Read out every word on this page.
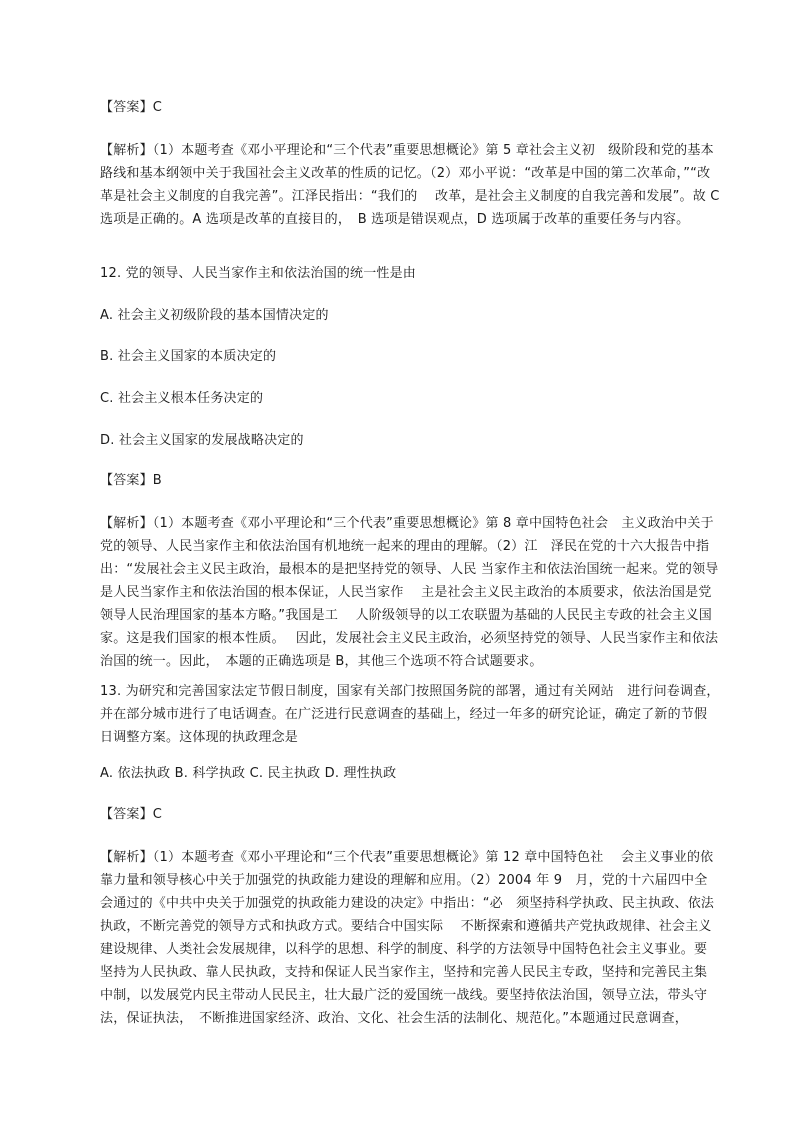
【答案】C
【解析】（1）本题考查《邓小平理论和“三个代表”重要思想概论》第 5 章社会主义初　级阶段和党的基本路线和基本纲领中关于我国社会主义改革的性质的记忆。（2）邓小平说：“改革是中国的第二次革命，”“改革是社会主义制度的自我完善”。江泽民指出：“我们的　 改革，是社会主义制度的自我完善和发展”。故 C 选项是正确的。A 选项是改革的直接目的，　B 选项是错误观点，D 选项属于改革的重要任务与内容。
12. 党的领导、人民当家作主和依法治国的统一性是由
A. 社会主义初级阶段的基本国情决定的
B. 社会主义国家的本质决定的
C. 社会主义根本任务决定的
D. 社会主义国家的发展战略决定的
【答案】B
【解析】（1）本题考查《邓小平理论和“三个代表”重要思想概论》第 8 章中国特色社会　主义政治中关于党的领导、人民当家作主和依法治国有机地统一起来的理由的理解。（2）江　泽民在党的十六大报告中指出：“发展社会主义民主政治，最根本的是把坚持党的领导、人民 当家作主和依法治国统一起来。党的领导是人民当家作主和依法治国的根本保证，人民当家作　 主是社会主义民主政治的本质要求，依法治国是党领导人民治理国家的基本方略。”我国是工　 人阶级领导的以工农联盟为基础的人民民主专政的社会主义国家。这是我们国家的根本性质。　 因此，发展社会主义民主政治，必须坚持党的领导、人民当家作主和依法治国的统一。因此，　本题的正确选项是 B，其他三个选项不符合试题要求。
13. 为研究和完善国家法定节假日制度，国家有关部门按照国务院的部署，通过有关网站　进行问卷调查，并在部分城市进行了电话调查。在广泛进行民意调查的基础上，经过一年多的研究论证，确定了新的节假日调整方案。这体现的执政理念是
A. 依法执政 B. 科学执政 C. 民主执政 D. 理性执政
【答案】C
【解析】（1）本题考查《邓小平理论和“三个代表”重要思想概论》第 12 章中国特色社　 会主义事业的依靠力量和领导核心中关于加强党的执政能力建设的理解和应用。（2）2004 年 9　月，党的十六届四中全会通过的《中共中央关于加强党的执政能力建设的决定》中指出：“必　须坚持科学执政、民主执政、依法执政，不断完善党的领导方式和执政方式。要结合中国实际　 不断探索和遵循共产党执政规律、社会主义建设规律、人类社会发展规律，以科学的思想、科学的制度、科学的方法领导中国特色社会主义事业。要坚持为人民执政、靠人民执政，支持和保证人民当家作主，坚持和完善人民民主专政，坚持和完善民主集中制，以发展党内民主带动人民民主，壮大最广泛的爱国统一战线。要坚持依法治国，领导立法，带头守法，保证执法，　不断推进国家经济、政治、文化、社会生活的法制化、规范化。”本题通过民意调查，
